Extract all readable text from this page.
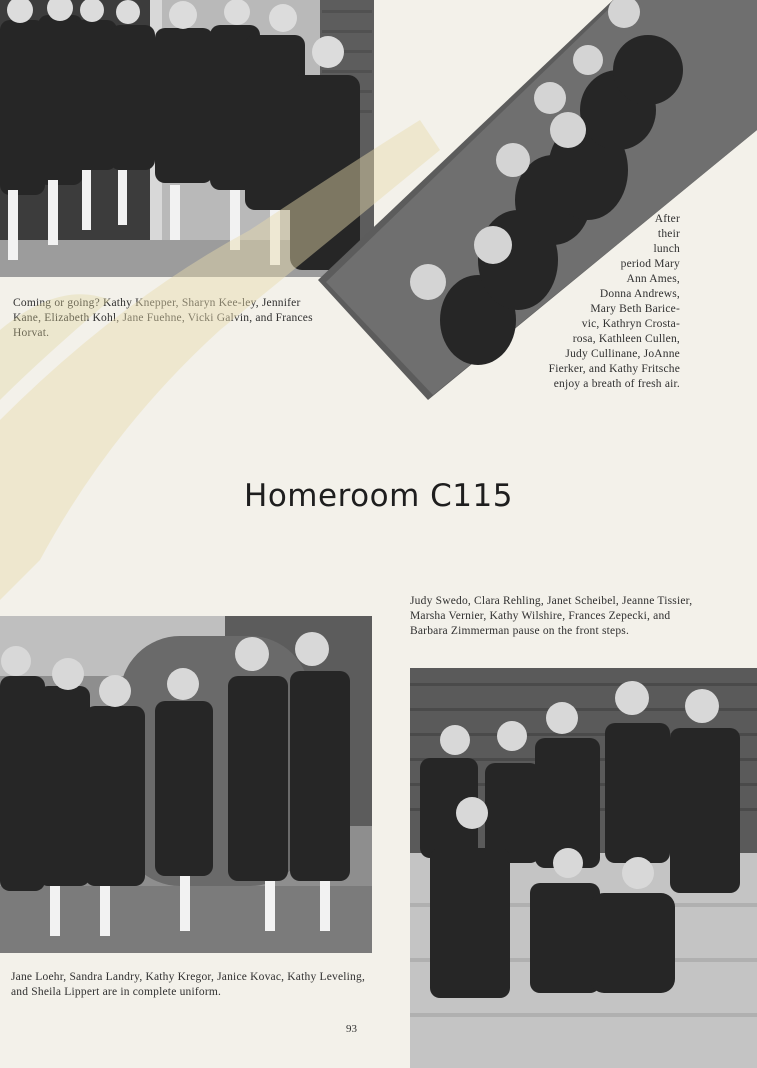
Coming or going? Kathy Knepper, Sharyn Kee-ley, Jennifer Kane, Elizabeth Kohl, Jane Fuehne, Vicki Galvin, and Frances Horvat.
After
their
lunch
period Mary
Ann Ames,
Donna Andrews,
Mary Beth Barice-
vic, Kathryn Crosta-
rosa, Kathleen Cullen,
Judy Cullinane, JoAnne
Fierker, and Kathy Fritsche
enjoy a breath of fresh air.
Homeroom C115
Judy Swedo, Clara Rehling, Janet Scheibel, Jeanne Tissier, Marsha Vernier, Kathy Wilshire, Frances Zepecki, and Barbara Zimmerman pause on the front steps.
Jane Loehr, Sandra Landry, Kathy Kregor, Janice Kovac, Kathy Leveling, and Sheila Lippert are in complete uniform.
93
